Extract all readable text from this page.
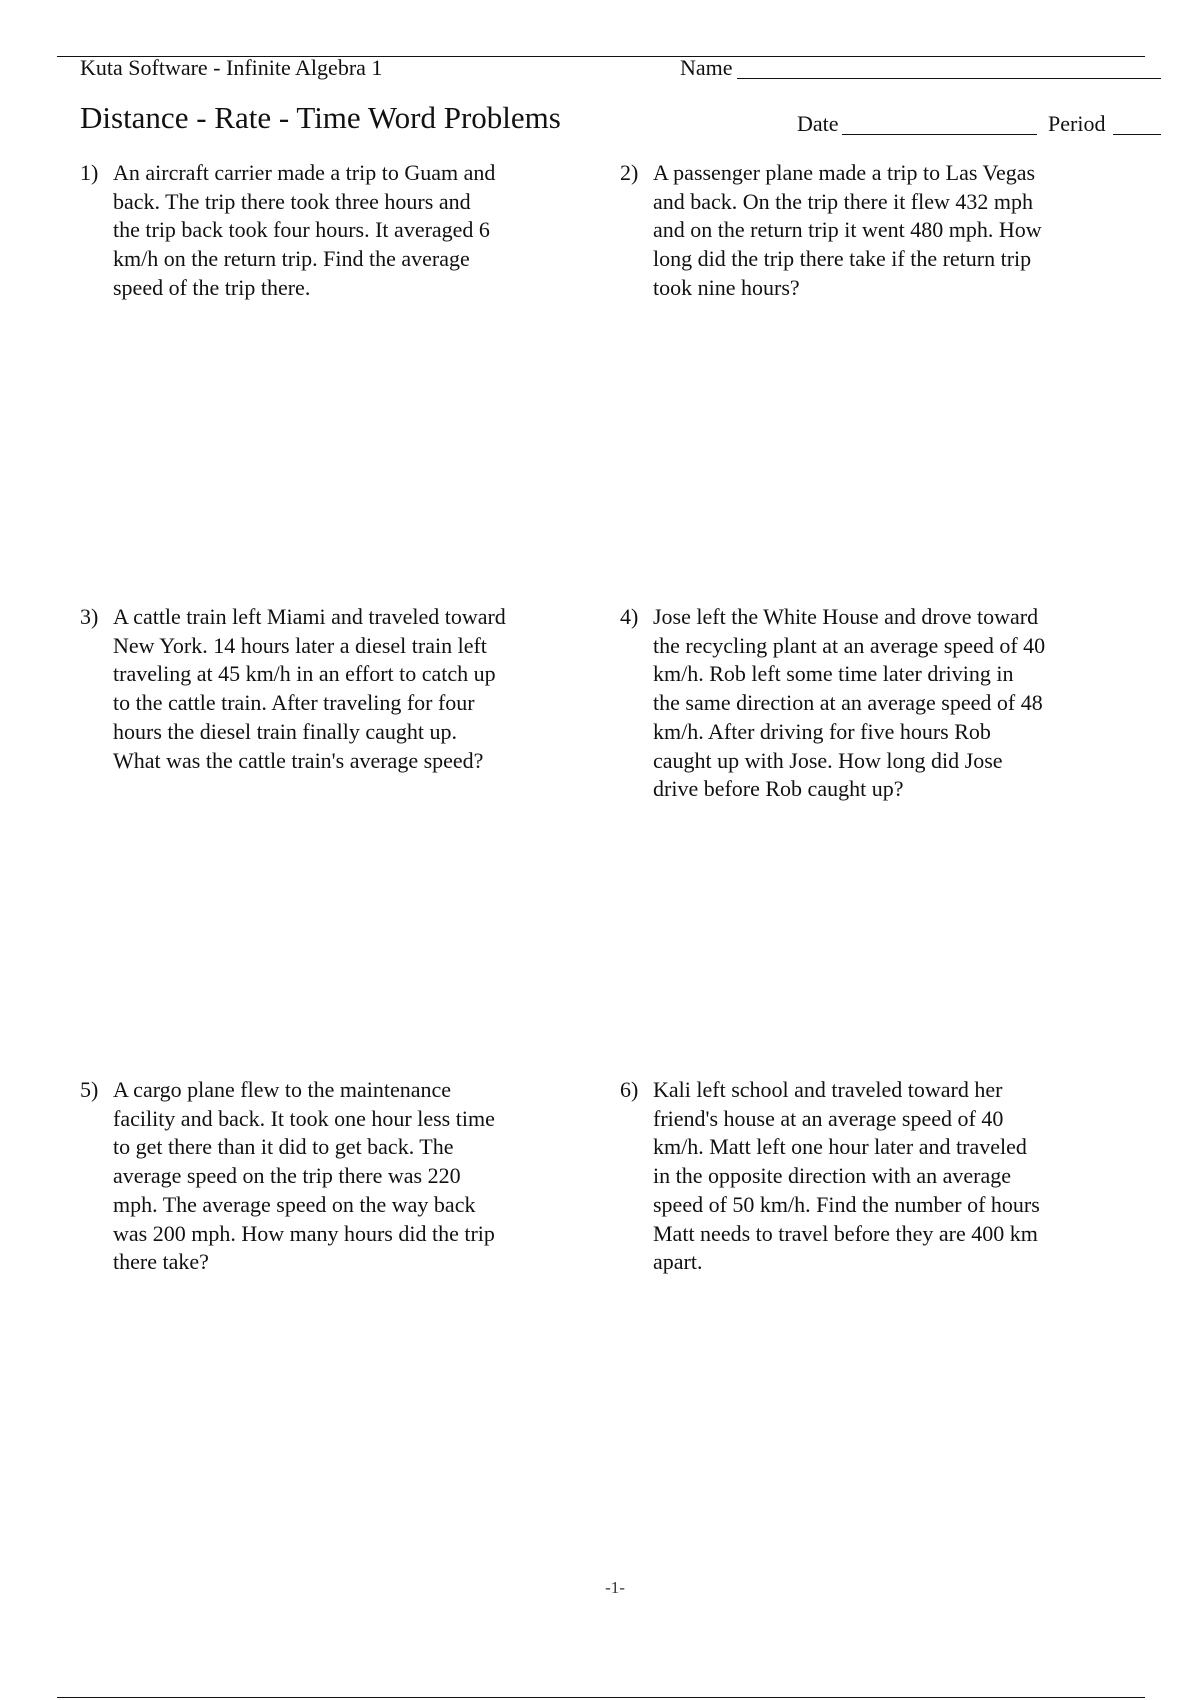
Kuta Software - Infinite Algebra 1	Name
Distance - Rate - Time Word Problems	Date	Period
1) An aircraft carrier made a trip to Guam and
back. The trip there took three hours and
the trip back took four hours. It averaged 6
km/h on the return trip. Find the average
speed of the trip there.
2) A passenger plane made a trip to Las Vegas
and back. On the trip there it flew 432 mph
and on the return trip it went 480 mph. How
long did the trip there take if the return trip
took nine hours?
3) A cattle train left Miami and traveled toward
New York. 14 hours later a diesel train left
traveling at 45 km/h in an effort to catch up
to the cattle train. After traveling for four
hours the diesel train finally caught up.
What was the cattle train's average speed?
4) Jose left the White House and drove toward
the recycling plant at an average speed of 40
km/h. Rob left some time later driving in
the same direction at an average speed of 48
km/h. After driving for five hours Rob
caught up with Jose. How long did Jose
drive before Rob caught up?
5) A cargo plane flew to the maintenance
facility and back. It took one hour less time
to get there than it did to get back. The
average speed on the trip there was 220
mph. The average speed on the way back
was 200 mph. How many hours did the trip
there take?
6) Kali left school and traveled toward her
friend's house at an average speed of 40
km/h. Matt left one hour later and traveled
in the opposite direction with an average
speed of 50 km/h. Find the number of hours
Matt needs to travel before they are 400 km
apart.
-1-
